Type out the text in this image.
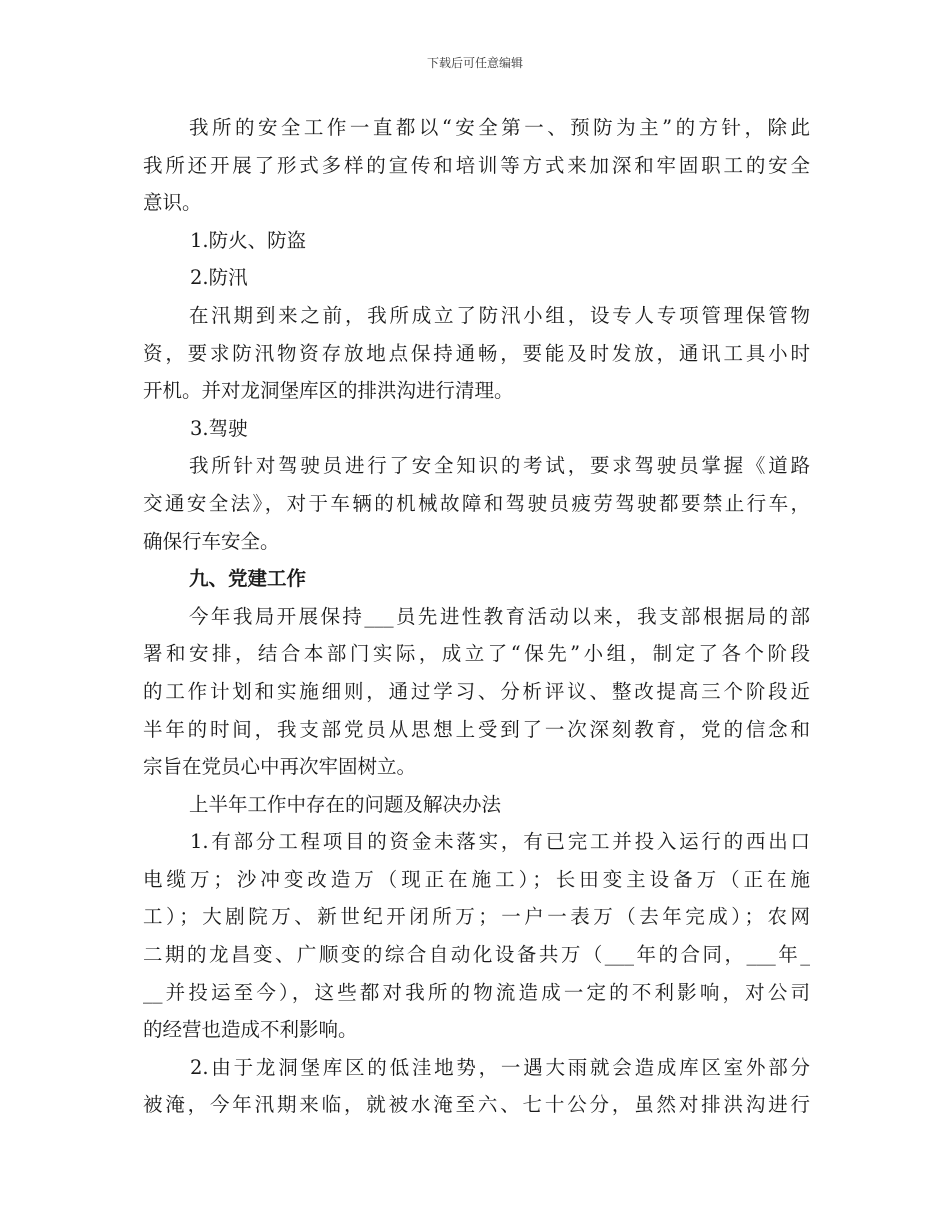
下载后可任意编辑
我所的安全工作一直都以“安全第一、预防为主”的方针，除此
我所还开展了形式多样的宣传和培训等方式来加深和牢固职工的安全
意识。
1.防火、防盗
2.防汛
在汛期到来之前，我所成立了防汛小组，设专人专项管理保管物
资，要求防汛物资存放地点保持通畅，要能及时发放，通讯工具小时
开机。并对龙洞堡库区的排洪沟进行清理。
3.驾驶
我所针对驾驶员进行了安全知识的考试，要求驾驶员掌握《道路
交通安全法》，对于车辆的机械故障和驾驶员疲劳驾驶都要禁止行车，
确保行车安全。
九、党建工作
今年我局开展保持___员先进性教育活动以来，我支部根据局的部
署和安排，结合本部门实际，成立了“保先”小组，制定了各个阶段
的工作计划和实施细则，通过学习、分析评议、整改提高三个阶段近
半年的时间，我支部党员从思想上受到了一次深刻教育，党的信念和
宗旨在党员心中再次牢固树立。
上半年工作中存在的问题及解决办法
1.有部分工程项目的资金未落实，有已完工并投入运行的西出口
电缆万；沙冲变改造万（现正在施工）；长田变主设备万（正在施
工）；大剧院万、新世纪开闭所万；一户一表万（去年完成）；农网
二期的龙昌变、广顺变的综合自动化设备共万（___年的合同，___年_
__并投运至今），这些都对我所的物流造成一定的不利影响，对公司
的经营也造成不利影响。
2.由于龙洞堡库区的低洼地势，一遇大雨就会造成库区室外部分
被淹，今年汛期来临，就被水淹至六、七十公分，虽然对排洪沟进行
